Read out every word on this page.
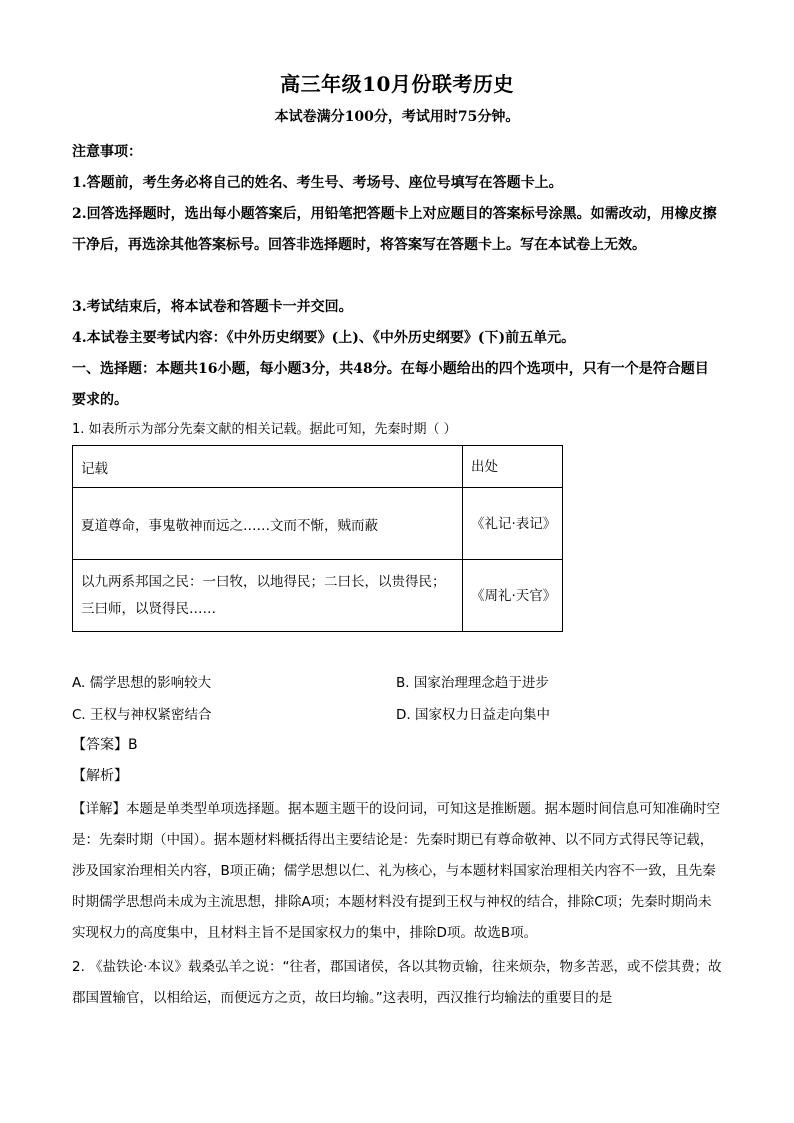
高三年级10月份联考历史
本试卷满分100分，考试用时75分钟。
注意事项：
1.答题前，考生务必将自己的姓名、考生号、考场号、座位号填写在答题卡上。
2.回答选择题时，选出每小题答案后，用铅笔把答题卡上对应题目的答案标号涂黑。如需改动，用橡皮擦干净后，再选涂其他答案标号。回答非选择题时，将答案写在答题卡上。写在本试卷上无效。
3.考试结束后，将本试卷和答题卡一并交回。
4.本试卷主要考试内容：《中外历史纲要》(上)、《中外历史纲要》(下)前五单元。
一、选择题：本题共16小题，每小题3分，共48分。在每小题给出的四个选项中，只有一个是符合题目要求的。
1. 如表所示为部分先秦文献的相关记载。据此可知，先秦时期（ ）
记载	出处
夏道尊命，事鬼敬神而远之……文而不惭，贼而蔽	《礼记·表记》
以九两系邦国之民：一曰牧，以地得民；二曰长，以贵得民；三曰师，以贤得民……	《周礼·天官》
A. 儒学思想的影响较大	B. 国家治理理念趋于进步
C. 王权与神权紧密结合	D. 国家权力日益走向集中
【答案】B
【解析】
【详解】本题是单类型单项选择题。据本题主题干的设问词，可知这是推断题。据本题时间信息可知准确时空是：先秦时期（中国）。据本题材料概括得出主要结论是：先秦时期已有尊命敬神、以不同方式得民等记载，涉及国家治理相关内容，B项正确；儒学思想以仁、礼为核心，与本题材料国家治理相关内容不一致，且先秦时期儒学思想尚未成为主流思想，排除A项；本题材料没有提到王权与神权的结合，排除C项；先秦时期尚未实现权力的高度集中，且材料主旨不是国家权力的集中，排除D项。故选B项。
2. 《盐铁论·本议》载桑弘羊之说：“往者，郡国诸侯，各以其物贡输，往来烦杂，物多苦恶，或不偿其费；故郡国置输官，以相给运，而便远方之贡，故曰均输。”这表明，西汉推行均输法的重要目的是
